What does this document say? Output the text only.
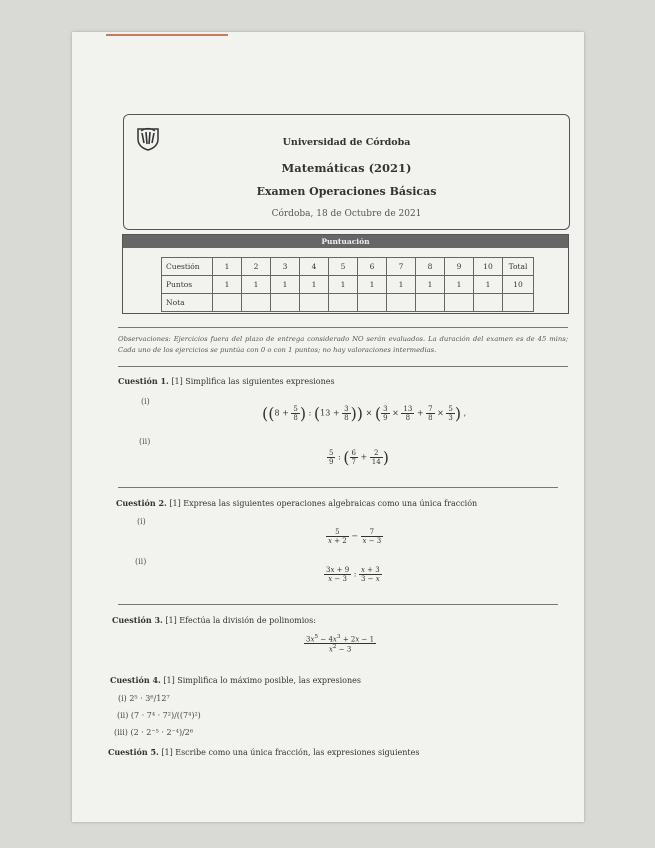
Universidad de Córdoba
Matemáticas (2021)
Examen Operaciones Básicas
Córdoba, 18 de Octubre de 2021
Puntuación
Cuestión	1	2	3	4	5	6	7	8	9	10	Total
Puntos	1	1	1	1	1	1	1	1	1	1	10
Nota											
Observaciones: Ejercicios fuera del plazo de entrega considerado NO serán evaluados. La duración del examen es de 45 mins; Cada uno de los ejercicios se puntúa con 0 o con 1 puntos; no hay valoraciones intermedias.
Cuestión 1. [1] Simplifica las siguientes expresiones
(i)
(($8 + \frac{5}{8}$ ) : ($13 + \frac{3}{8}$ )) × ( $\frac{3}{9} \times \frac{13}{8} + \frac{7}{8} \times \frac{5}{3}$ ) ,
(ii)
$\frac{5}{9}$ : ( $\frac{6}{7} + \frac{2}{14}$ )
Cuestión 2. [1] Expresa las siguientes operaciones algebraicas como una única fracción
(i)
$\frac{5}{x + 2} - \frac{7}{x - 3}$
(ii)
$\frac{3x + 9}{x - 3}$ : $\frac{x + 3}{3 - x}$
Cuestión 3. [1] Efectúa la división de polinomios:
$\frac{3x^5 - 4x^3 + 2x - 1}{x^2 - 3}$
Cuestión 4. [1] Simplifica lo máximo posible, las expresiones
(i) 2⁵ · 3⁶/12⁷
(ii) (7 · 7⁴ · 7²)/((7⁴)²)
(iii) (2 · 2⁻⁵ · 2⁻⁴)/2⁶
Cuestión 5. [1] Escribe como una única fracción, las expresiones siguientes
